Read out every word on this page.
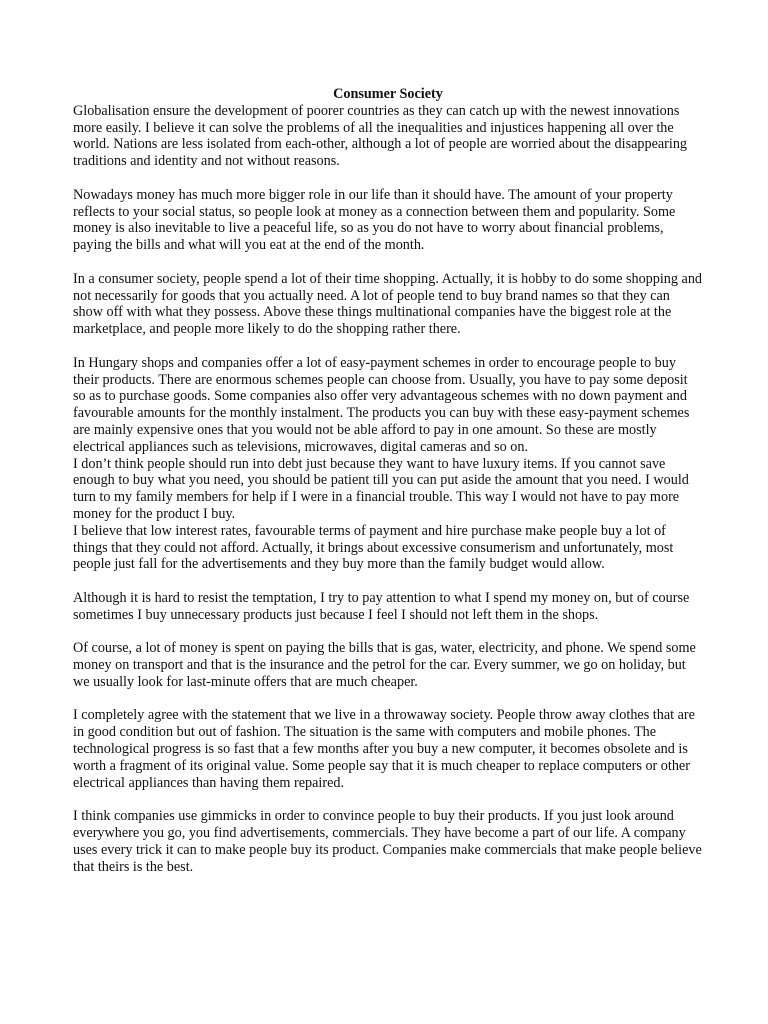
Consumer Society

Globalisation ensure the development of poorer countries as they can catch up with the newest innovations more easily. I believe it can solve the problems of all the inequalities and injustices happening all over the world. Nations are less isolated from each-other, although a lot of people are worried about the disappearing traditions and identity and not without reasons.

Nowadays money has much more bigger role in our life than it should have. The amount of your property reflects to your social status, so people look at money as a connection between them and popularity. Some money is also inevitable to live a peaceful life, so as you do not have to worry about financial problems, paying the bills and what will you eat at the end of the month.

In a consumer society, people spend a lot of their time shopping. Actually, it is hobby to do some shopping and not necessarily for goods that you actually need. A lot of people tend to buy brand names so that they can show off with what they possess. Above these things multinational companies have the biggest role at the marketplace, and people more likely to do the shopping rather there.

In Hungary shops and companies offer a lot of easy-payment schemes in order to encourage people to buy their products. There are enormous schemes people can choose from. Usually, you have to pay some deposit so as to purchase goods. Some companies also offer very advantageous schemes with no down payment and favourable amounts for the monthly instalment. The products you can buy with these easy-payment schemes are mainly expensive ones that you would not be able afford to pay in one amount. So these are mostly electrical appliances such as televisions, microwaves, digital cameras and so on.

I don’t think people should run into debt just because they want to have luxury items. If you cannot save enough to buy what you need, you should be patient till you can put aside the amount that you need. I would turn to my family members for help if I were in a financial trouble. This way I would not have to pay more money for the product I buy.

I believe that low interest rates, favourable terms of payment and hire purchase make people buy a lot of things that they could not afford. Actually, it brings about excessive consumerism and unfortunately, most people just fall for the advertisements and they buy more than the family budget would allow.

Although it is hard to resist the temptation, I try to pay attention to what I spend my money on, but of course sometimes I buy unnecessary products just because I feel I should not left them in the shops.

Of course, a lot of money is spent on paying the bills that is gas, water, electricity, and phone. We spend some money on transport and that is the insurance and the petrol for the car. Every summer, we go on holiday, but we usually look for last-minute offers that are much cheaper.

I completely agree with the statement that we live in a throwaway society. People throw away clothes that are in good condition but out of fashion. The situation is the same with computers and mobile phones. The technological progress is so fast that a few months after you buy a new computer, it becomes obsolete and is worth a fragment of its original value. Some people say that it is much cheaper to replace computers or other electrical appliances than having them repaired.

I think companies use gimmicks in order to convince people to buy their products. If you just look around everywhere you go, you find advertisements, commercials. They have become a part of our life. A company uses every trick it can to make people buy its product. Companies make commercials that make people believe that theirs is the best.
